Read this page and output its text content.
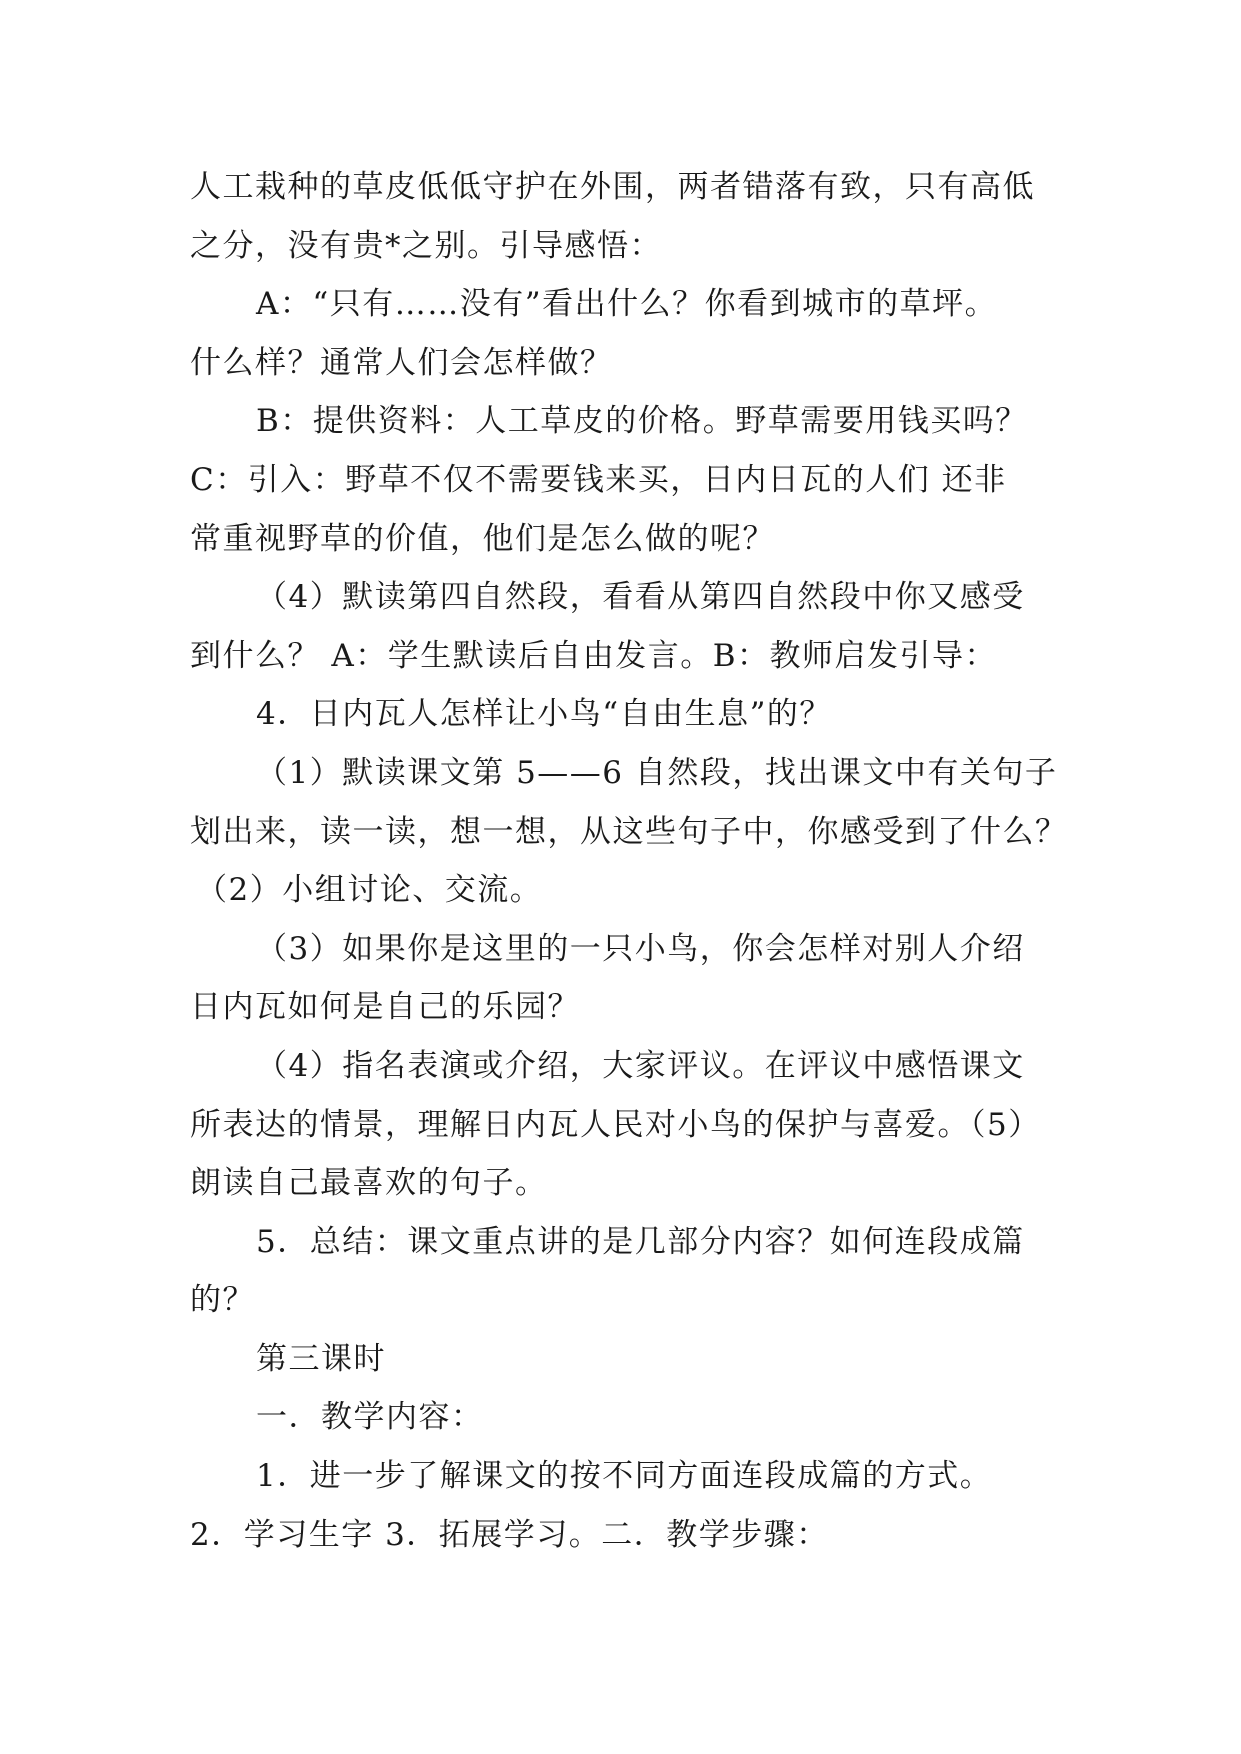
人工栽种的草皮低低守护在外围，两者错落有致，只有高低
之分，没有贵*之别。引导感悟：
A：“只有……没有”看出什么？你看到城市的草坪。
什么样？通常人们会怎样做？
B：提供资料：人工草皮的价格。野草需要用钱买吗？
C：引入：野草不仅不需要钱来买，日内日瓦的人们 还非
常重视野草的价值，他们是怎么做的呢？
（4）默读第四自然段，看看从第四自然段中你又感受
到什么？ A：学生默读后自由发言。B：教师启发引导：
4．日内瓦人怎样让小鸟“自由生息”的？
（1）默读课文第 5——6 自然段，找出课文中有关句子
划出来，读一读，想一想，从这些句子中，你感受到了什么？
（2）小组讨论、交流。
（3）如果你是这里的一只小鸟，你会怎样对别人介绍
日内瓦如何是自己的乐园？
（4）指名表演或介绍，大家评议。在评议中感悟课文
所表达的情景，理解日内瓦人民对小鸟的保护与喜爱。（5）
朗读自己最喜欢的句子。
5．总结：课文重点讲的是几部分内容？如何连段成篇
的？
第三课时
一．教学内容：
1．进一步了解课文的按不同方面连段成篇的方式。
2．学习生字 3．拓展学习。二．教学步骤：
